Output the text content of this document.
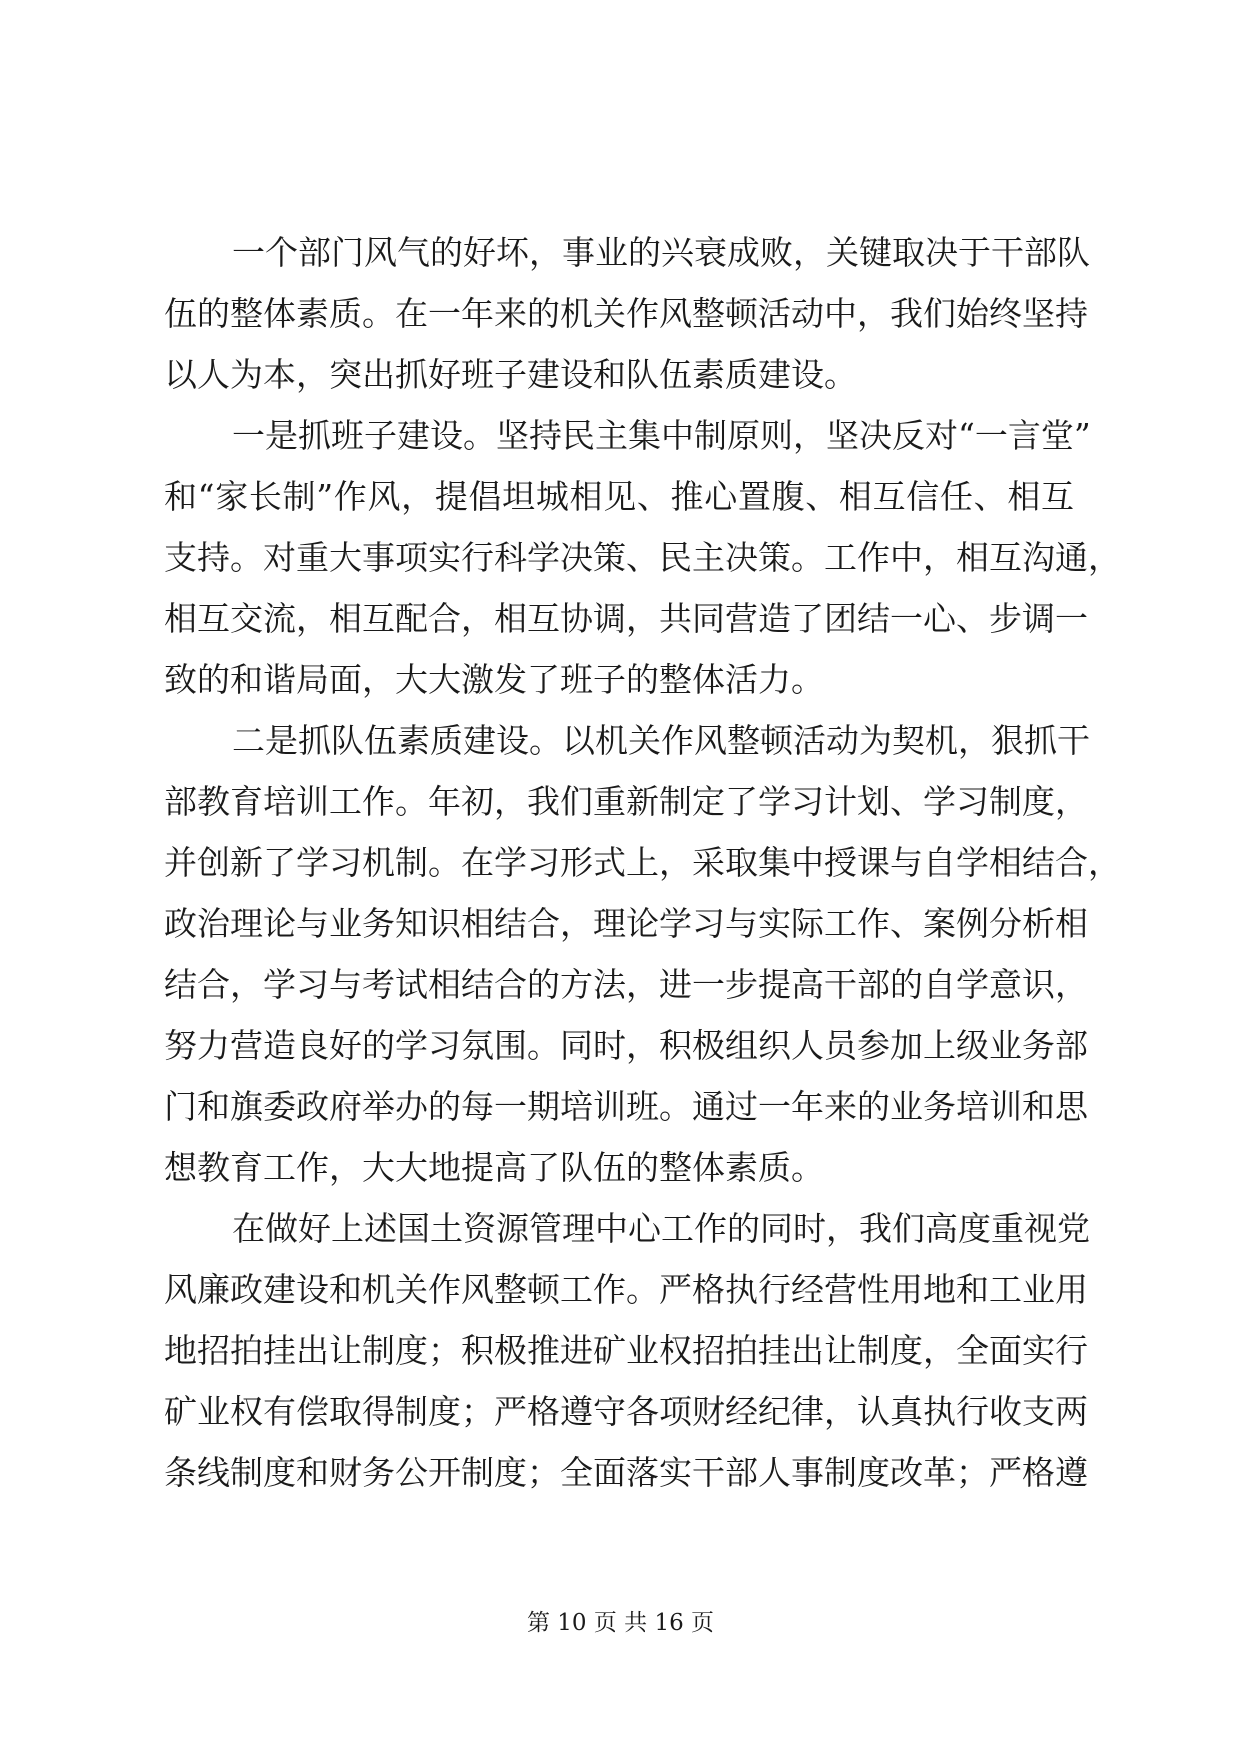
一个部门风气的好坏，事业的兴衰成败，关键取决于干部队
伍的整体素质。在一年来的机关作风整顿活动中，我们始终坚持
以人为本，突出抓好班子建设和队伍素质建设。
一是抓班子建设。坚持民主集中制原则，坚决反对“一言堂”
和“家长制”作风，提倡坦城相见、推心置腹、相互信任、相互
支持。对重大事项实行科学决策、民主决策。工作中，相互沟通，
相互交流，相互配合，相互协调，共同营造了团结一心、步调一
致的和谐局面，大大激发了班子的整体活力。
二是抓队伍素质建设。以机关作风整顿活动为契机，狠抓干
部教育培训工作。年初，我们重新制定了学习计划、学习制度，
并创新了学习机制。在学习形式上，采取集中授课与自学相结合，
政治理论与业务知识相结合，理论学习与实际工作、案例分析相
结合，学习与考试相结合的方法，进一步提高干部的自学意识，
努力营造良好的学习氛围。同时，积极组织人员参加上级业务部
门和旗委政府举办的每一期培训班。通过一年来的业务培训和思
想教育工作，大大地提高了队伍的整体素质。
在做好上述国土资源管理中心工作的同时，我们高度重视党
风廉政建设和机关作风整顿工作。严格执行经营性用地和工业用
地招拍挂出让制度；积极推进矿业权招拍挂出让制度，全面实行
矿业权有偿取得制度；严格遵守各项财经纪律，认真执行收支两
条线制度和财务公开制度；全面落实干部人事制度改革；严格遵
第 10 页 共 16 页
